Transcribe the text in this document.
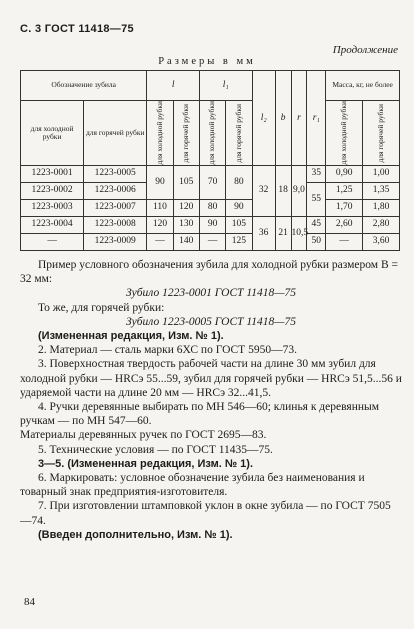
С. 3 ГОСТ 11418—75
Продолжение
Размеры в мм
Обозначение зубила		l		l₁		l₂	b	r	r₁	Масса, кг, не более	
для холодной рубки	для горячей рубки	для холодной рубки	для горячей рубки	для холодной рубки	для горячей рубки					для холодной рубки	для горячей рубки

1223-0001	1223-0005	90	105	70	80	32	18	9,0	35	0,90	1,00
1223-0002	1223-0006								55	1,25	1,35
1223-0003	1223-0007	110	120	80	90					1,70	1,80
1223-0004	1223-0008	120	130	90	105	36	21	10,5	45	2,60	2,80
—	1223-0009	—	140	—	125				50	—	3,60

Пример условного обозначения зубила для холодной рубки размером B = 32 мм:

Зубило 1223-0001 ГОСТ 11418—75

То же, для горячей рубки:

Зубило 1223-0005 ГОСТ 11418—75

(Измененная редакция, Изм. № 1).

2. Материал — сталь марки 6ХС по ГОСТ 5950—73.

3. Поверхностная твердость рабочей части на длине 30 мм зубил для холодной рубки — HRCэ 55...59, зубил для горячей рубки — HRCэ 51,5...56 и ударяемой части на длине 20 мм — HRCэ 32...41,5.

4. Ручки деревянные выбирать по МН 546—60; клинья к деревянным ручкам — по МН 547—60.

Материалы деревянных ручек по ГОСТ 2695—83.

5. Технические условия — по ГОСТ 11435—75.

3—5. (Измененная редакция, Изм. № 1).

6. Маркировать: условное обозначение зубила без наименования и товарный знак предприятия-изготовителя.

7. При изготовлении штамповкой уклон в окне зубила — по ГОСТ 7505—74.

(Введен дополнительно, Изм. № 1).

84
